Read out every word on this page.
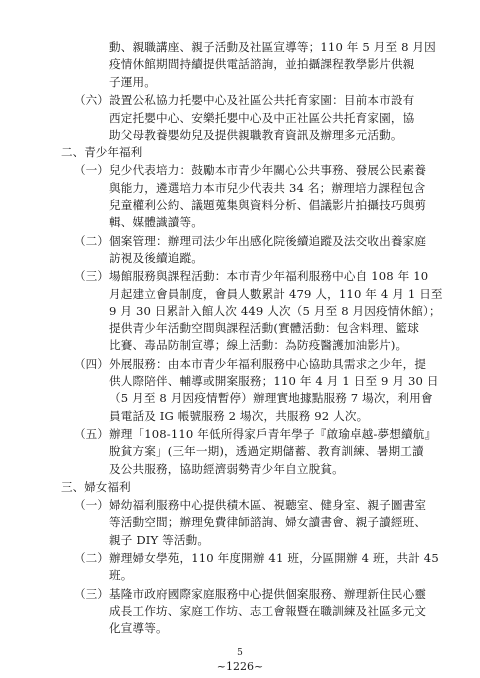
5
~1226~
動、親職講座、親子活動及社區宣導等；110 年 5 月至 8 月因
疫情休館期間持續提供電話諮詢，並拍攝課程教學影片供親
子運用。
（六） 設置公私協力托嬰中心及社區公共托育家園：目前本市設有
西定托嬰中心、安樂托嬰中心及中正社區公共托育家園，協
助父母教養嬰幼兒及提供親職教育資訊及辦理多元活動。
二、青少年福利
（一） 兒少代表培力：鼓勵本市青少年關心公共事務、發展公民素養
與能力，遴選培力本市兒少代表共 34 名；辦理培力課程包含
兒童權利公約、議題蒐集與資料分析、倡議影片拍攝技巧與剪
輯、媒體識讀等。
（二） 個案管理：辦理司法少年出感化院後續追蹤及法交收出養家庭
訪視及後續追蹤。
（三） 場館服務與課程活動：本市青少年福利服務中心自 108 年 10
月起建立會員制度，會員人數累計 479 人，110 年 4 月 1 日至
9 月 30 日累計入館人次 449 人次（5 月至 8 月因疫情休館）；
提供青少年活動空間與課程活動(實體活動：包含料理、籃球
比賽、毒品防制宣導；線上活動：為防疫醫護加油影片)。
（四） 外展服務：由本市青少年福利服務中心協助具需求之少年，提
供人際陪伴、輔導或開案服務；110 年 4 月 1 日至 9 月 30 日
（5 月至 8 月因疫情暫停）辦理實地據點服務 7 場次，利用會
員電話及 IG 帳號服務 2 場次，共服務 92 人次。
（五） 辦理「108-110 年低所得家戶青年學子『啟瑜卓越-夢想續航』
脫貧方案」(三年一期)，透過定期儲蓄、教育訓練、暑期工讀
及公共服務，協助經濟弱勢青少年自立脫貧。
三、婦女福利
（一） 婦幼福利服務中心提供積木區、視聽室、健身室、親子圖書室
等活動空間；辦理免費律師諮詢、婦女讀書會、親子讀經班、
親子 DIY 等活動。
（二） 辦理婦女學苑，110 年度開辦 41 班，分區開辦 4 班，共計 45
班。
（三） 基隆市政府國際家庭服務中心提供個案服務、辦理新住民心靈
成長工作坊、家庭工作坊、志工會報暨在職訓練及社區多元文
化宣導等。
